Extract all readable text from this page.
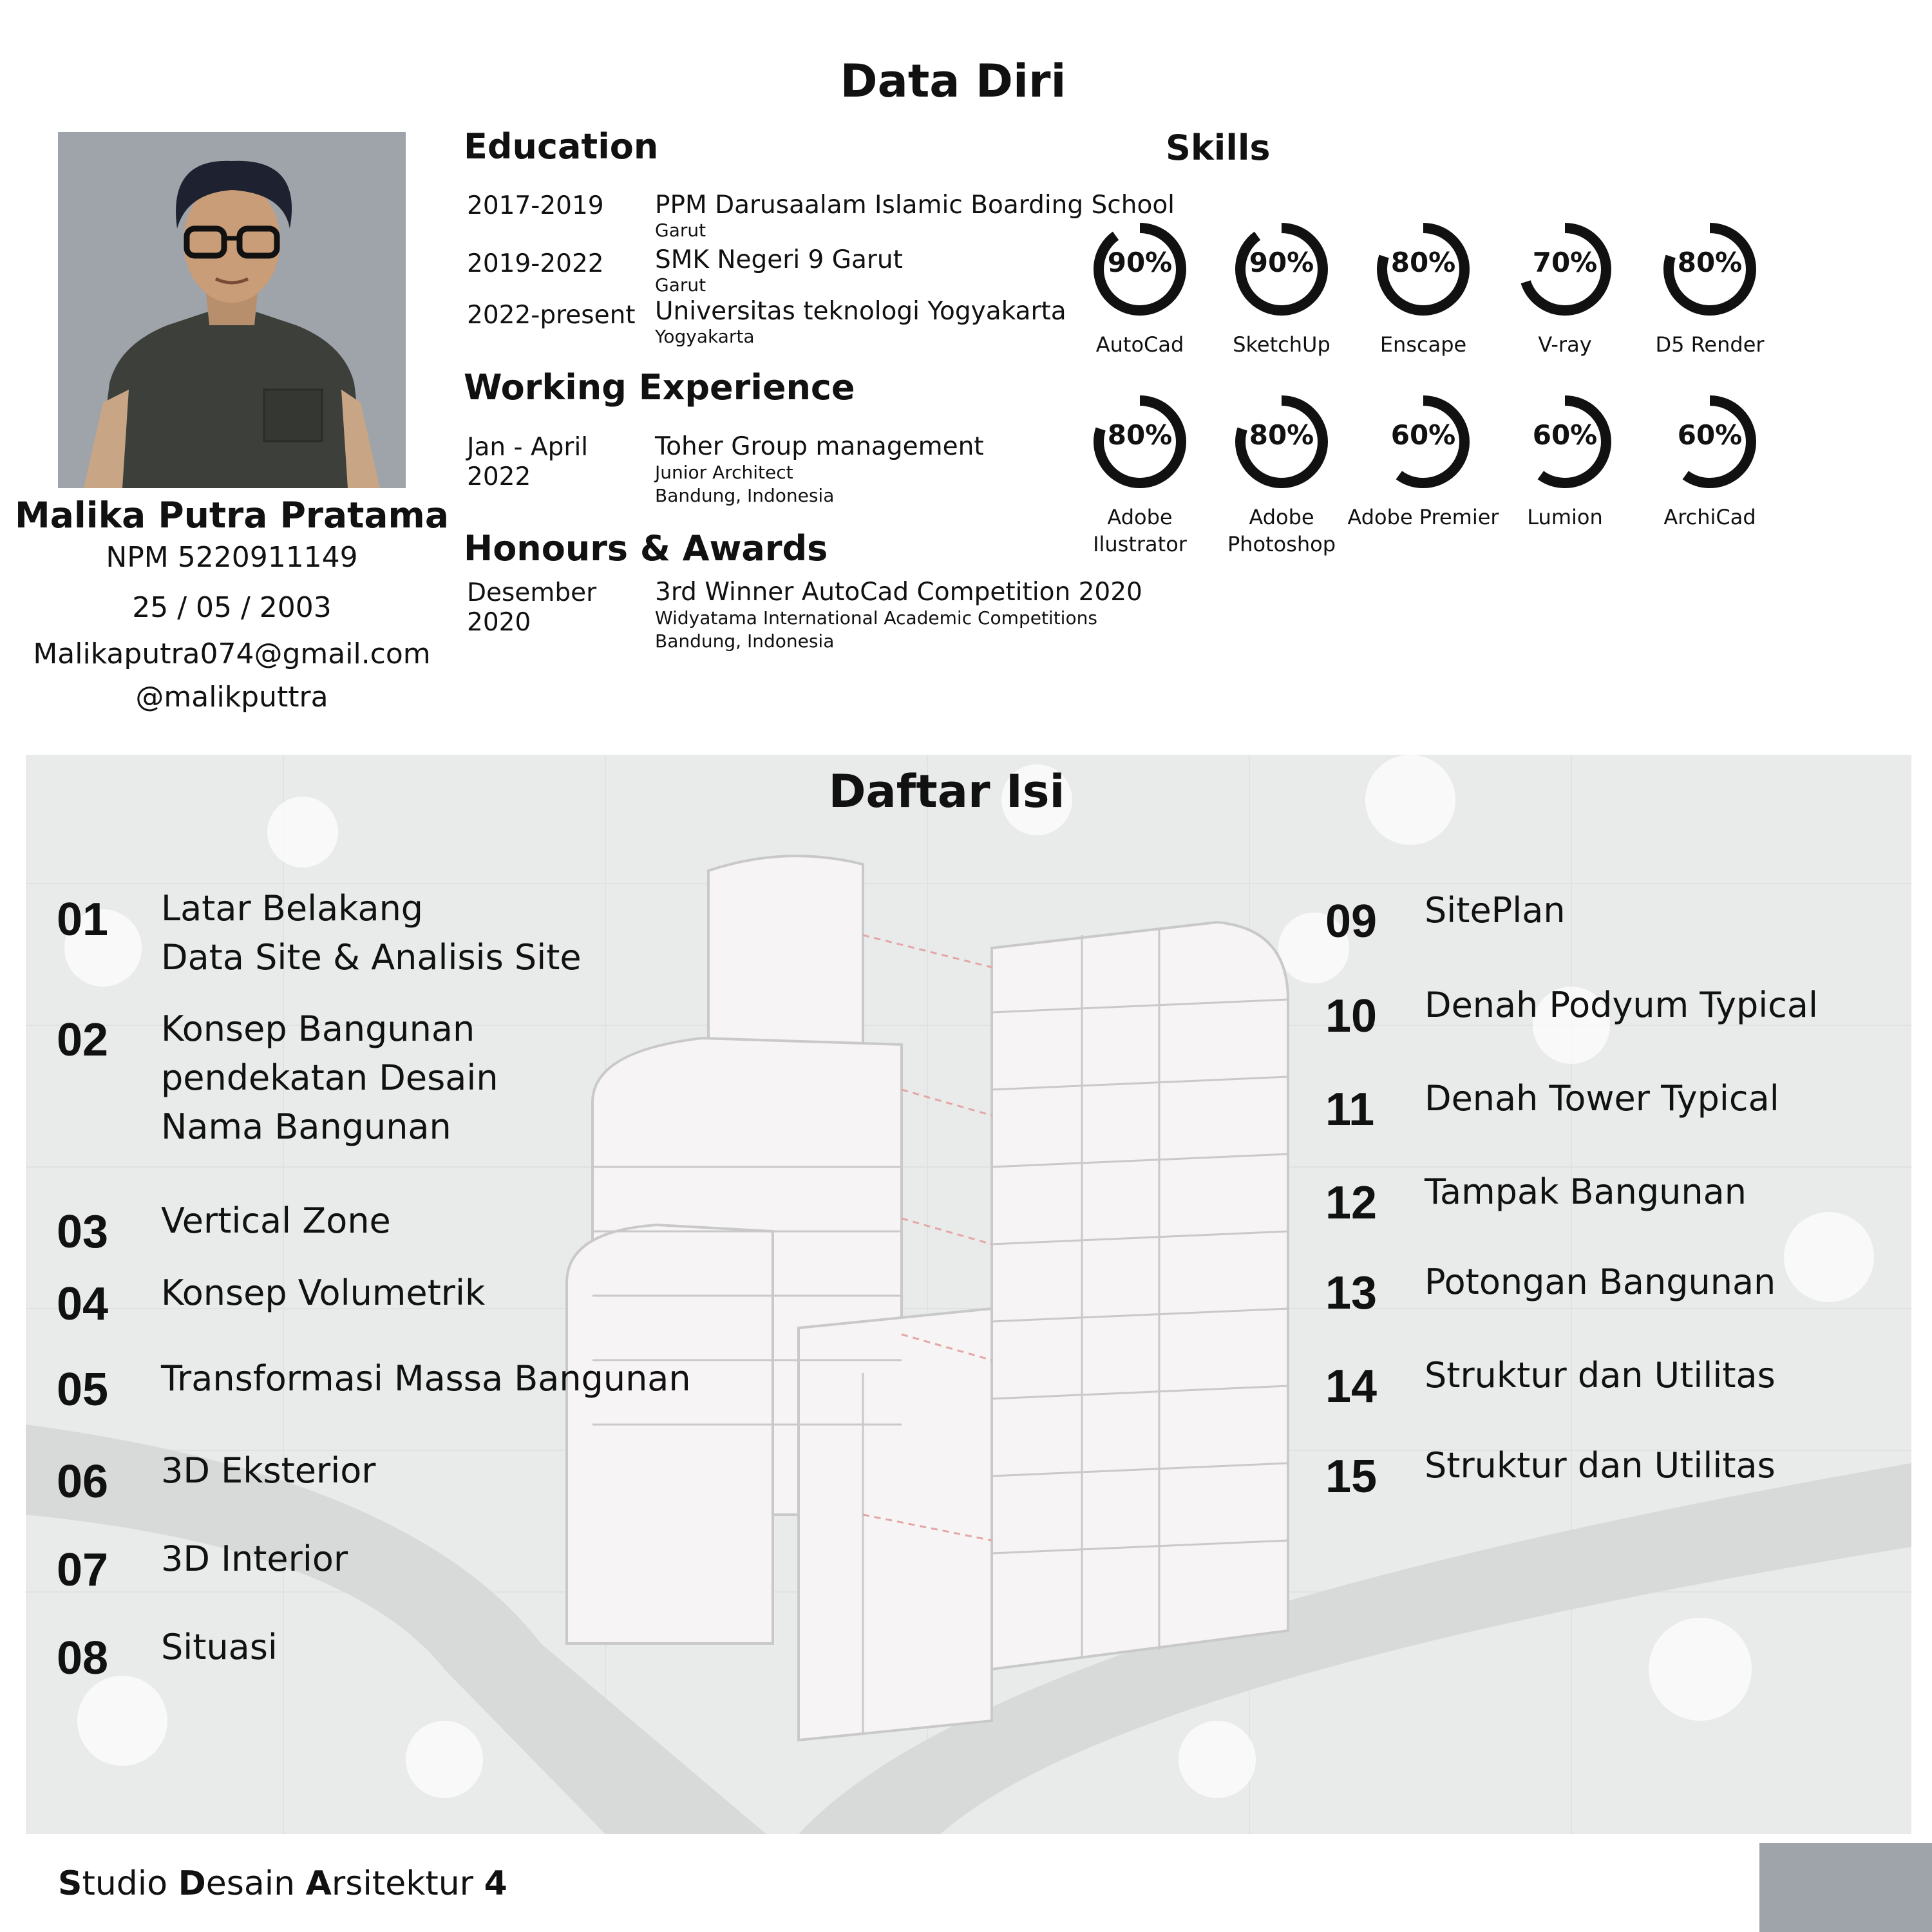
Data Diri
Malika Putra Pratama
NPM 5220911149
25 / 05 / 2003
Malikaputra074@gmail.com
@malikputtra
Education
2017-2019 PPM Darusaalam Islamic Boarding School
Garut
2019-2022 SMK Negeri 9 Garut
Garut
2022-present Universitas teknologi Yogyakarta
Yogyakarta
Working Experience
Jan - April
2022
Toher Group management
Junior Architect
Bandung, Indonesia
Honours & Awards
Desember
2020
3rd Winner AutoCad Competition 2020
Widyatama International Academic Competitions
Bandung, Indonesia
Skills
90%
AutoCad
90%
SketchUp
80%
Enscape
70%
V-ray
80%
D5 Render
80%
Adobe Ilustrator
80%
Adobe Photoshop
60%
Adobe Premier
60%
Lumion
60%
ArchiCad
Daftar Isi
01 Latar Belakang
Data Site & Analisis Site
02 Konsep Bangunan
pendekatan Desain
Nama Bangunan
03 Vertical Zone
04 Konsep Volumetrik
05 Transformasi Massa Bangunan
06 3D Eksterior
07 3D Interior
08 Situasi
09 SitePlan
10 Denah Podyum Typical
11 Denah Tower Typical
12 Tampak Bangunan
13 Potongan Bangunan
14 Struktur dan Utilitas
15 Struktur dan Utilitas
Studio Desain Arsitektur 4
